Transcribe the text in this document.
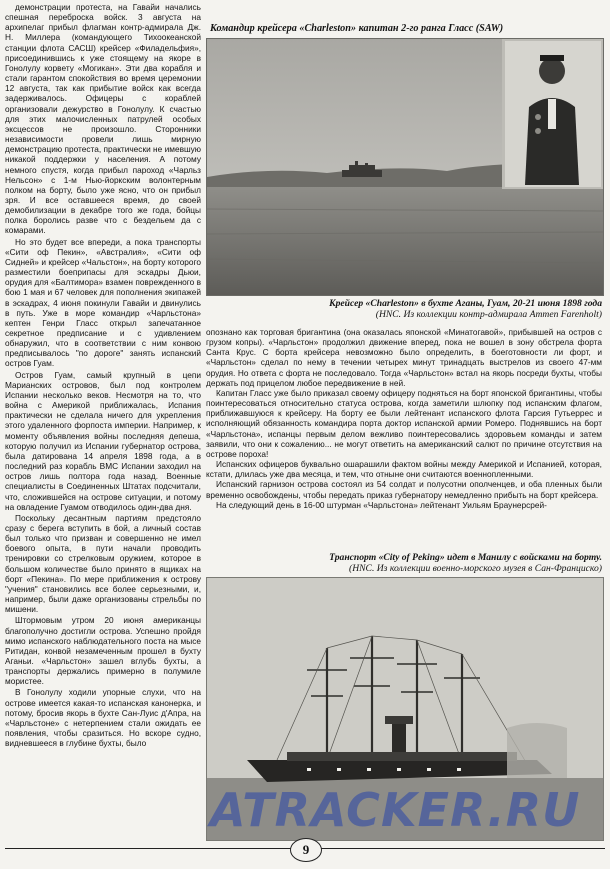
демонстрации протеста, на Гавайи начались спешная переброска войск. 3 августа на архипелаг прибыл флагман контр-адмирала Дж. Н. Миллера (командующего Тихоокеанской станции флота САСШ) крейсер «Филадельфия», присоединившись к уже стоящему на якоре в Гонолулу корвету «Могикан». Эти два корабля и стали гарантом спокойствия во время церемонии 12 августа, так как прибытие войск как всегда задерживалось. Офицеры с кораблей организовали дежурство в Гонолулу. К счастью для этих малочисленных патрулей особых эксцессов не произошло. Сторонники независимости провели лишь мирную демонстрацию протеста, практически не имевшую никакой поддержки у населения. А потому немного спустя, когда прибыл пароход «Чарльз Нельсон» с 1-м Нью-йоркским волонтерным полком на борту, было уже ясно, что он прибыл зря. И все оставшееся время, до своей демобилизации в декабре того же года, бойцы полка боролись разве что с бездельем да с комарами.

Но это будет все впереди, а пока транспорты «Сити оф Пекин», «Австралия», «Сити оф Сидней» и крейсер «Чальстон», на борту которого разместили боеприпасы для эскадры Дьюи, орудия для «Балтимора» взамен поврежденного в бою 1 мая и 67 человек для пополнения экипажей в эскадрах, 4 июня покинули Гавайи и двинулись в путь. Уже в море командир «Чарльстона» кептен Генри Гласс открыл запечатанное секретное предписание и с удивлением обнаружил, что в соответствии с ним конвою предписывалось "по дороге" занять испанский остров Гуам.

Остров Гуам, самый крупный в цепи Марианских островов, был под контролем Испании несколько веков. Несмотря на то, что война с Америкой приближалась, Испания практически не сделала ничего для укрепления этого удаленного форпоста империи. Например, к моменту объявления войны последняя депеша, которую получил из Испании губернатор острова, была датирована 14 апреля 1898 года, а в последний раз корабль ВМС Испании заходил на остров лишь полтора года назад. Военные специалисты в Соединенных Штатах подсчитали, что, сложившейся на острове ситуации, и потому на овладение Гуамом отводилось один-два дня.

Поскольку десантным партиям предстояло сразу с берега вступить в бой, а личный состав был только что призван и совершенно не имел боевого опыта, в пути начали проводить тренировки со стрелковым оружием, которое в большом количестве было принято в ящиках на борт «Пекина». По мере приближения к острову "учения" становились все более серьезными, и, например, были даже организованы стрельбы по мишени.

Штормовым утром 20 июня американцы благополучно достигли острова. Успешно пройдя мимо испанского наблюдательного поста на мысе Ритидан, конвой незамеченным прошел в бухту Аганьи. «Чарльстон» зашел вглубь бухты, а транспорты держались примерно в полумиле мористее.

В Гонолулу ходили упорные слухи, что на острове имеется какая-то испанская канонерка, и потому, бросив якорь в бухте Сан-Луис д'Апра, на «Чарльстоне» с нетерпением стали ожидать ее появления, чтобы сразиться. Но вскоре судно, видневшееся в глубине бухты, было

Командир крейсера «Charleston» капитан 2-го ранга Гласс (SAW)
Крейсер «Charleston» в бухте Аганы, Гуам, 20-21 июня 1898 года
(HNC. Из коллекции контр-адмирала Ammen Farenholt)

опознано как торговая бригантина (она оказалась японской «Минатогавой», прибывшей на остров с грузом копры). «Чарльстон» продолжил движение вперед, пока не вошел в зону обстрела форта Санта Крус. С борта крейсера невозможно было определить, в боеготовности ли форт, и «Чарльстон» сделал по нему в течении четырех минут тринадцать выстрелов из своего 47-мм орудия. Но ответа с форта не последовало. Тогда «Чарльстон» встал на якорь посреди бухты, чтобы держать под прицелом любое передвижение в ней.

Капитан Гласс уже было приказал своему офицеру подняться на борт японской бригантины, чтобы поинтересоваться относительно статуса острова, когда заметили шлюпку под испанским флагом, приближавшуюся к крейсеру. На борту ее были лейтенант испанского флота Гарсия Гутьеррес и исполняющий обязанность командира порта доктор испанской армии Ромеро. Поднявшись на борт «Чарльстона», испанцы первым делом вежливо поинтересовались здоровьем команды и затем заявили, что они к сожалению... не могут ответить на американский салют по причине отсутствия на острове пороха!

Испанских офицеров буквально ошарашили фактом войны между Америкой и Испанией, которая, кстати, длилась уже два месяца, и тем, что отныне они считаются военнопленными.

Испанский гарнизон острова состоял из 54 солдат и полусотни ополченцев, и оба пленных были временно освобождены, чтобы передать приказ губернатору немедленно прибыть на борт крейсера.

На следующий день в 16-00 штурман «Чарльстона» лейтенант Уильям Браунерсрей-

Транспорт «City of Peking» идет в Манилу с войсками на борту.
(HNC. Из коллекции военно-морского музея в Сан-Франциско)
ATRACKER.RU
9
